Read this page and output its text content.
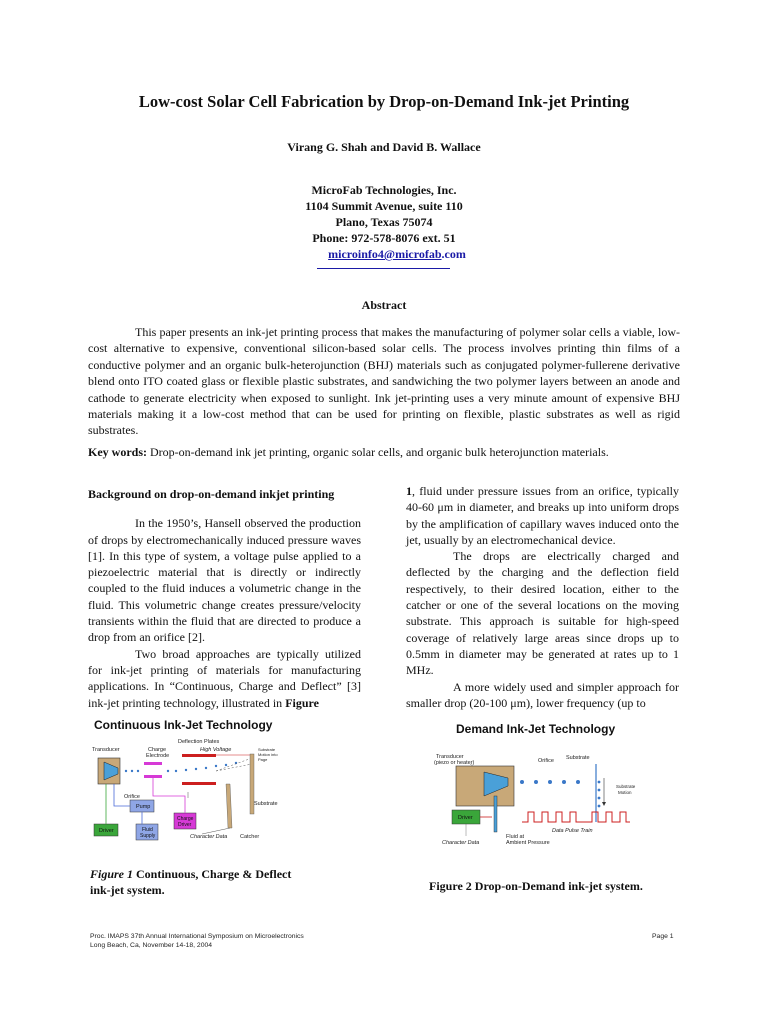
Low-cost Solar Cell Fabrication by Drop-on-Demand Ink-jet Printing
Virang G. Shah and David B. Wallace
MicroFab Technologies, Inc.
1104 Summit Avenue, suite 110
Plano, Texas 75074
Phone: 972-578-8076 ext. 51
microinfo4@microfab.com
Abstract

This paper presents an ink-jet printing process that makes the manufacturing of polymer solar cells a viable, low-cost alternative to expensive, conventional silicon-based solar cells. The process involves printing thin films of a conductive polymer and an organic bulk-heterojunction (BHJ) materials such as conjugated polymer-fullerene derivative blend onto ITO coated glass or flexible plastic substrates, and sandwiching the two polymer layers between an anode and cathode to generate electricity when exposed to sunlight. Ink jet-printing uses a very minute amount of expensive BHJ materials making it a low-cost method that can be used for printing on flexible, plastic substrates as well as rigid substrates.

Key words: Drop-on-demand ink jet printing, organic solar cells, and organic bulk heterojunction materials.

Background on drop-on-demand inkjet printing

In the 1950’s, Hansell observed the production of drops by electromechanically induced pressure waves [1]. In this type of system, a voltage pulse applied to a piezoelectric material that is directly or indirectly coupled to the fluid induces a volumetric change in the fluid. This volumetric change creates pressure/velocity transients within the fluid that are directed to produce a drop from an orifice [2].

Two broad approaches are typically utilized for ink-jet printing of materials for manufacturing applications. In “Continuous, Charge and Deflect” [3] ink-jet printing technology, illustrated in Figure

1, fluid under pressure issues from an orifice, typically 40-60 μm in diameter, and breaks up into uniform drops by the amplification of capillary waves induced onto the jet, usually by an electromechanical device.

The drops are electrically charged and deflected by the charging and the deflection field respectively, to their desired location, either to the catcher or one of the several locations on the moving substrate. This approach is suitable for high-speed coverage of relatively large areas since drops up to 0.5mm in diameter may be generated at rates up to 1 MHz.

A more widely used and simpler approach for smaller drop (20-100 μm), lower frequency (up to

Continuous Ink-Jet Technology
Deflection Plates
Transducer	Charge
Electrode
High Voltage	Substrate
Motion into
Page
Orifice
Substrate
Character Data Catcher
Pump
Charge
Driver
Driver	Fluid
Supply
Figure 1 Continuous, Charge & Deflect
ink-jet system.
Demand Ink-Jet Technology
Transducer
(piezo or heater)	Orifice Substrate
Substrate
Motion
Data Pulse Train
Character Data
Fluid at
Ambient Pressure
Driver
Figure 2 Drop-on-Demand ink-jet system.
Proc. IMAPS 37th Annual International Symposium on Microelectronics
Long Beach, Ca, November 14-18, 2004
Page 1
